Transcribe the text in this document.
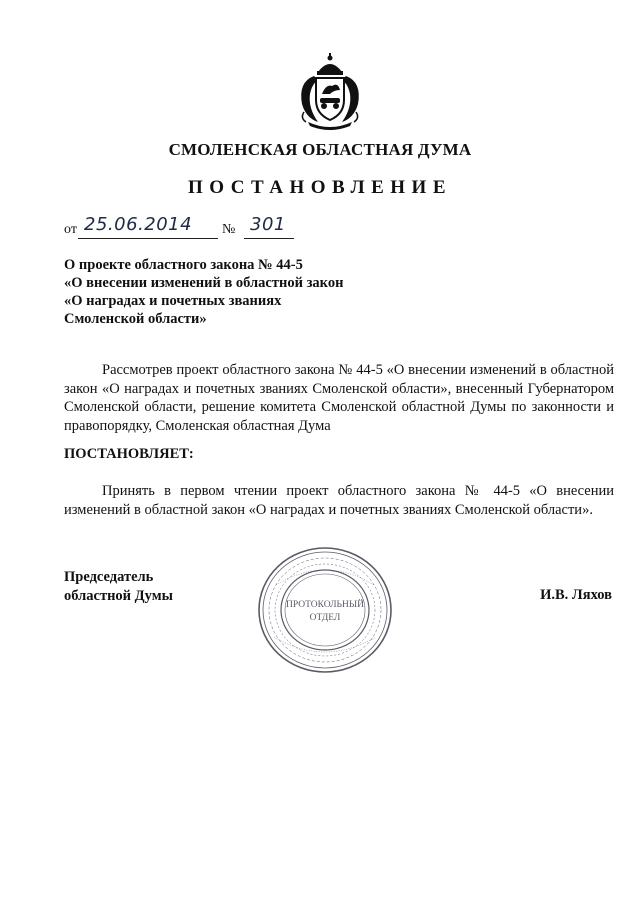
СМОЛЕНСКАЯ ОБЛАСТНАЯ ДУМА
ПОСТАНОВЛЕНИЕ
от 25.06.2014 № 301
О проекте областного закона № 44-5
«О внесении изменений в областной закон
«О наградах и почетных званиях
Смоленской области»
Рассмотрев проект областного закона № 44-5 «О внесении изменений в областной закон «О наградах и почетных званиях Смоленской области», внесенный Губернатором Смоленской области, решение комитета Смоленской областной Думы по законности и правопорядку, Смоленская областная Дума
ПОСТАНОВЛЯЕТ:
Принять в первом чтении проект областного закона № 44-5 «О внесении изменений в областной закон «О наградах и почетных званиях Смоленской области».
Председатель
областной Думы
ПРОТОКОЛЬНЫЙ
ОТДЕЛ
И.В. Ляхов
